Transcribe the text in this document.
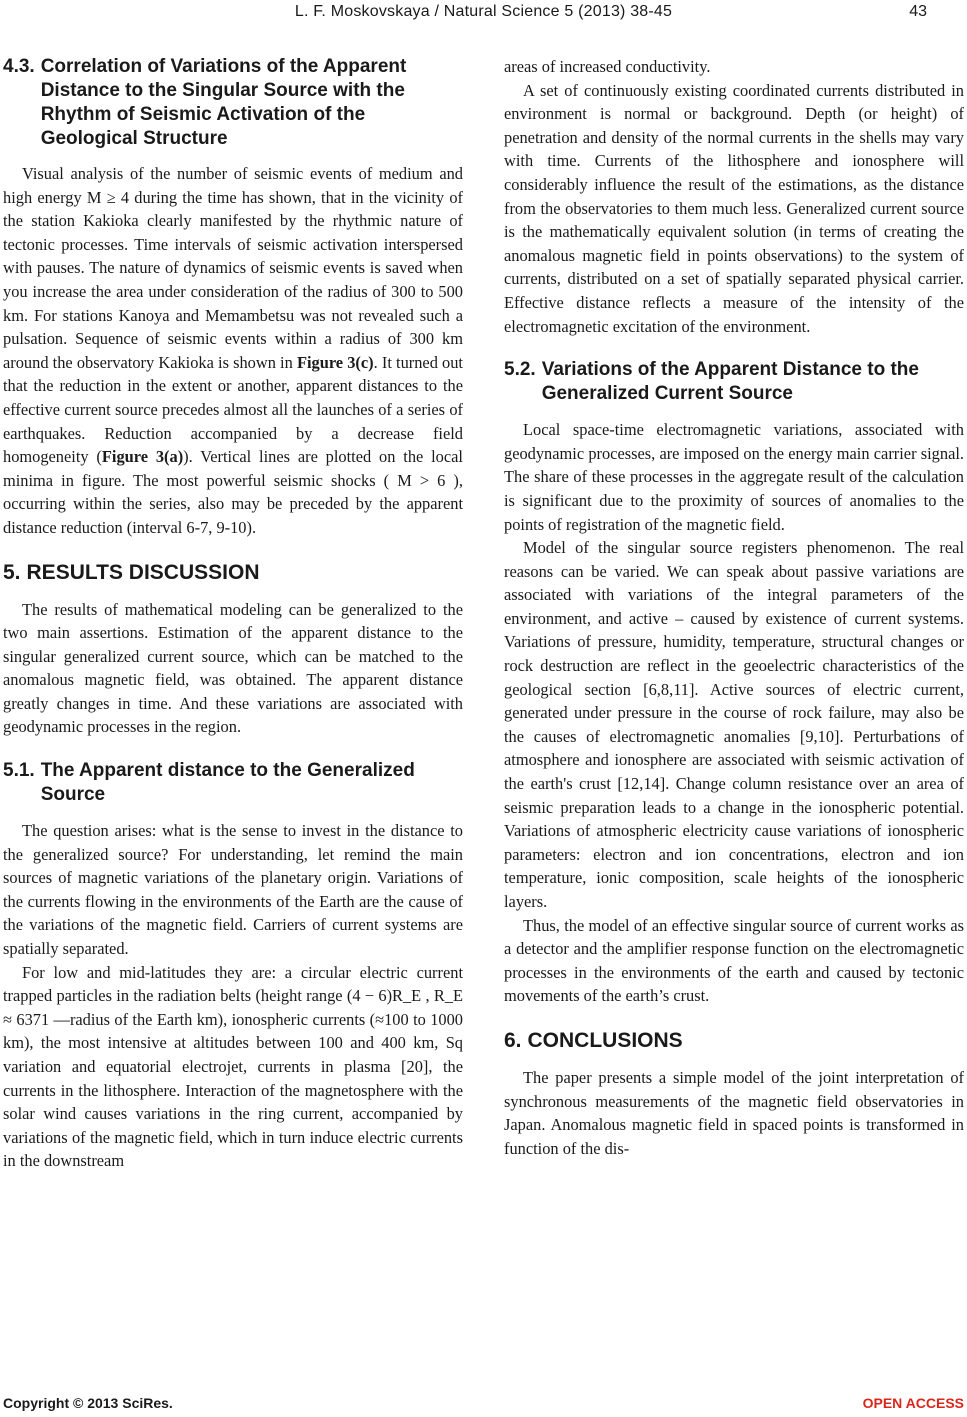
L. F. Moskovskaya / Natural Science 5 (2013) 38-45	43
4.3. Correlation of Variations of the Apparent Distance to the Singular Source with the Rhythm of Seismic Activation of the Geological Structure

Visual analysis of the number of seismic events of medium and high energy M ≥ 4 during the time has shown, that in the vicinity of the station Kakioka clearly manifested by the rhythmic nature of tectonic processes. Time intervals of seismic activation interspersed with pauses. The nature of dynamics of seismic events is saved when you increase the area under consideration of the radius of 300 to 500 km. For stations Kanoya and Memambetsu was not revealed such a pulsation. Sequence of seismic events within a radius of 300 km around the observatory Kakioka is shown in Figure 3(c). It turned out that the reduction in the extent or another, apparent distances to the effective current source precedes almost all the launches of a series of earthquakes. Reduction accompanied by a decrease field homogeneity (Figure 3(a)). Vertical lines are plotted on the local minima in figure. The most powerful seismic shocks ( M > 6 ), occurring within the series, also may be preceded by the apparent distance reduction (interval 6-7, 9-10).

5. RESULTS DISCUSSION

The results of mathematical modeling can be generalized to the two main assertions. Estimation of the apparent distance to the singular generalized current source, which can be matched to the anomalous magnetic field, was obtained. The apparent distance greatly changes in time. And these variations are associated with geodynamic processes in the region.

5.1. The Apparent distance to the Generalized Source

The question arises: what is the sense to invest in the distance to the generalized source? For understanding, let remind the main sources of magnetic variations of the planetary origin. Variations of the currents flowing in the environments of the Earth are the cause of the variations of the magnetic field. Carriers of current systems are spatially separated.

For low and mid-latitudes they are: a circular electric current trapped particles in the radiation belts (height range (4 − 6)R_E , R_E ≈ 6371 —radius of the Earth km), ionospheric currents (≈100 to 1000 km), the most intensive at altitudes between 100 and 400 km, Sq variation and equatorial electrojet, currents in plasma [20], the currents in the lithosphere. Interaction of the magnetosphere with the solar wind causes variations in the ring current, accompanied by variations of the magnetic field, which in turn induce electric currents in the downstream

areas of increased conductivity.

A set of continuously existing coordinated currents distributed in environment is normal or background. Depth (or height) of penetration and density of the normal currents in the shells may vary with time. Currents of the lithosphere and ionosphere will considerably influence the result of the estimations, as the distance from the observatories to them much less. Generalized current source is the mathematically equivalent solution (in terms of creating the anomalous magnetic field in points observations) to the system of currents, distributed on a set of spatially separated physical carrier. Effective distance reflects a measure of the intensity of the electromagnetic excitation of the environment.

5.2. Variations of the Apparent Distance to the Generalized Current Source

Local space-time electromagnetic variations, associated with geodynamic processes, are imposed on the energy main carrier signal. The share of these processes in the aggregate result of the calculation is significant due to the proximity of sources of anomalies to the points of registration of the magnetic field.

Model of the singular source registers phenomenon. The real reasons can be varied. We can speak about passive variations are associated with variations of the integral parameters of the environment, and active – caused by existence of current systems. Variations of pressure, humidity, temperature, structural changes or rock destruction are reflect in the geoelectric characteristics of the geological section [6,8,11]. Active sources of electric current, generated under pressure in the course of rock failure, may also be the causes of electromagnetic anomalies [9,10]. Perturbations of atmosphere and ionosphere are associated with seismic activation of the earth's crust [12,14]. Change column resistance over an area of seismic preparation leads to a change in the ionospheric potential. Variations of atmospheric electricity cause variations of ionospheric parameters: electron and ion concentrations, electron and ion temperature, ionic composition, scale heights of the ionospheric layers.

Thus, the model of an effective singular source of current works as a detector and the amplifier response function on the electromagnetic processes in the environments of the earth and caused by tectonic movements of the earth’s crust.

6. CONCLUSIONS

The paper presents a simple model of the joint interpretation of synchronous measurements of the magnetic field observatories in Japan. Anomalous magnetic field in spaced points is transformed in function of the dis-

Copyright © 2013 SciRes.	OPEN ACCESS
